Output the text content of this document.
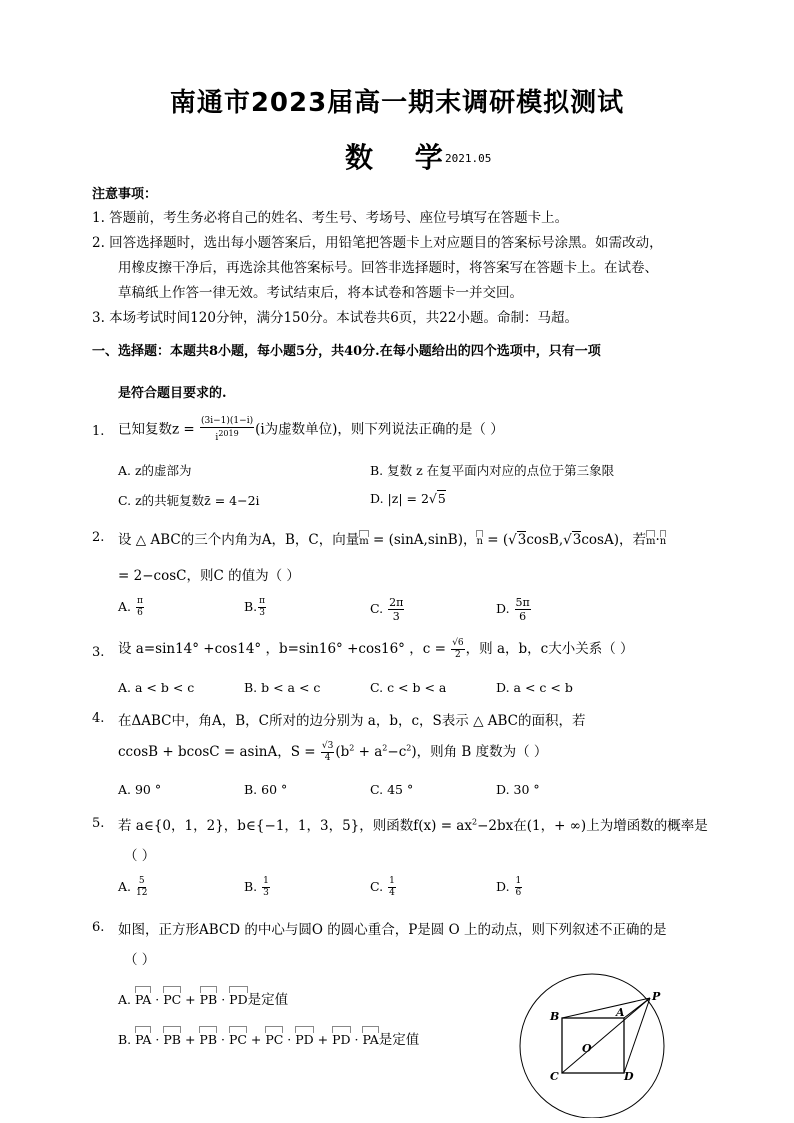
南通市2023届高一期末调研模拟测试
数 学
2021.05
注意事项：
1. 答题前，考生务必将自己的姓名、考生号、考场号、座位号填写在答题卡上。
2. 回答选择题时，选出每小题答案后，用铅笔把答题卡上对应题目的答案标号涂黑。如需改动，
用橡皮擦干净后，再选涂其他答案标号。回答非选择题时，将答案写在答题卡上。在试卷、
草稿纸上作答一律无效。考试结束后，将本试卷和答题卡一并交回。
3. 本场考试时间120分钟，满分150分。本试卷共6页，共22小题。命制：马超。
一、选择题：本题共8小题，每小题5分，共40分.在每小题给出的四个选项中，只有一项
是符合题目要求的.
1. 已知复数$z = \frac{(3i-1)(1-i)}{i2019} (i$为虚数单位)，则下列说法正确的是（ ）
A. z的虚部为	B. 复数 z 在复平面内对应的点位于第三象限
C. z的共轭复数z̄ = 4−2i	D. |z| = 2√5
2. 设 △ ABC的三个内角为A，B，C，向量m = (sinA,sinB)，n = (√3cosB,√3cosA)，若m·n
= 2−cosC，则C 的值为（ ）
A. $\frac{\pi}{6}$	B. $\frac{\pi}{3}$	C. $\frac{2\pi}{3}$	D. $\frac{5\pi}{6}$
3. 设 a=sin14° +cos14° ，b=sin16° +cos16° ，$c = \frac{√6}{2}$ ，则 a，b，c大小关系（ ）
A. a < b < c	B. b < a < c	C. c < b < a	D. a < c < b
4. 在ΔABC中，角A，B，C所对的边分别为 a，b，c，S表示 △ ABC的面积，若
ccosB + bcosC = asinA，$S = \frac{√3}{4} (b^2 + a^2-c^2)$，则角 B 度数为（ ）
A. 90 °	B. 60 °	C. 45 °	D. 30 °
5. 若 a∈{0，1，2}，b∈{−1，1，3，5}，则函数$f(x) = ax^2-2bx$在(1，+ ∞)上为增函数的概率是
（ ）
A. $\frac{5}{12}$	B. $\frac{1}{3}$	C. $\frac{1}{4}$	D. $\frac{1}{6}$
6. 如图，正方形ABCD 的中心与圆O 的圆心重合，P是圆 O 上的动点，则下列叙述不正确的是
（ ）
A. PA · PC + PB · PD是定值
B. PA · PB + PB · PC + PC · PD + PD · PA是定值
B	A
P
O
C	D
